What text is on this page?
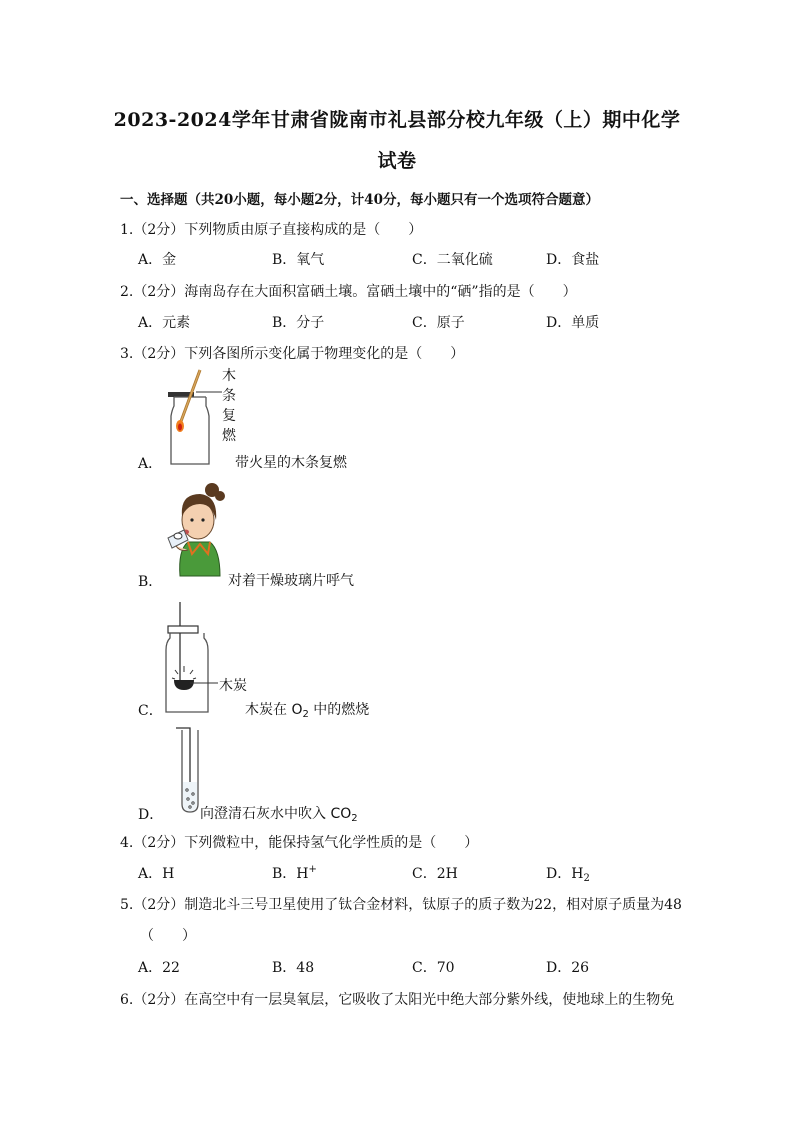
2023-2024学年甘肃省陇南市礼县部分校九年级（上）期中化学
试卷
一、选择题（共20小题，每小题2分，计40分，每小题只有一个选项符合题意）
1.（2分）下列物质由原子直接构成的是（　　）
A．金	B．氧气	C．二氧化硫	D．食盐
2.（2分）海南岛存在大面积富硒土壤。富硒土壤中的“硒”指的是（　　）
A．元素	B．分子	C．原子	D．单质
3.（2分）下列各图所示变化属于物理变化的是（　　）
木
条
复
燃
A．	带火星的木条复燃
B．	对着干燥玻璃片呼气
木炭
C．	木炭在 $O_2$ 中的燃烧
D．	向澄清石灰水中吹入 $CO_2$
4.（2分）下列微粒中，能保持氢气化学性质的是（　　）
A．H	B．H+	C．2H	D．$H_2$
5.（2分）制造北斗三号卫星使用了钛合金材料，钛原子的质子数为22，相对原子质量为48
（　　）
A．22	B．48	C．70	D．26
6.（2分）在高空中有一层臭氧层，它吸收了太阳光中绝大部分紫外线，使地球上的生物免
